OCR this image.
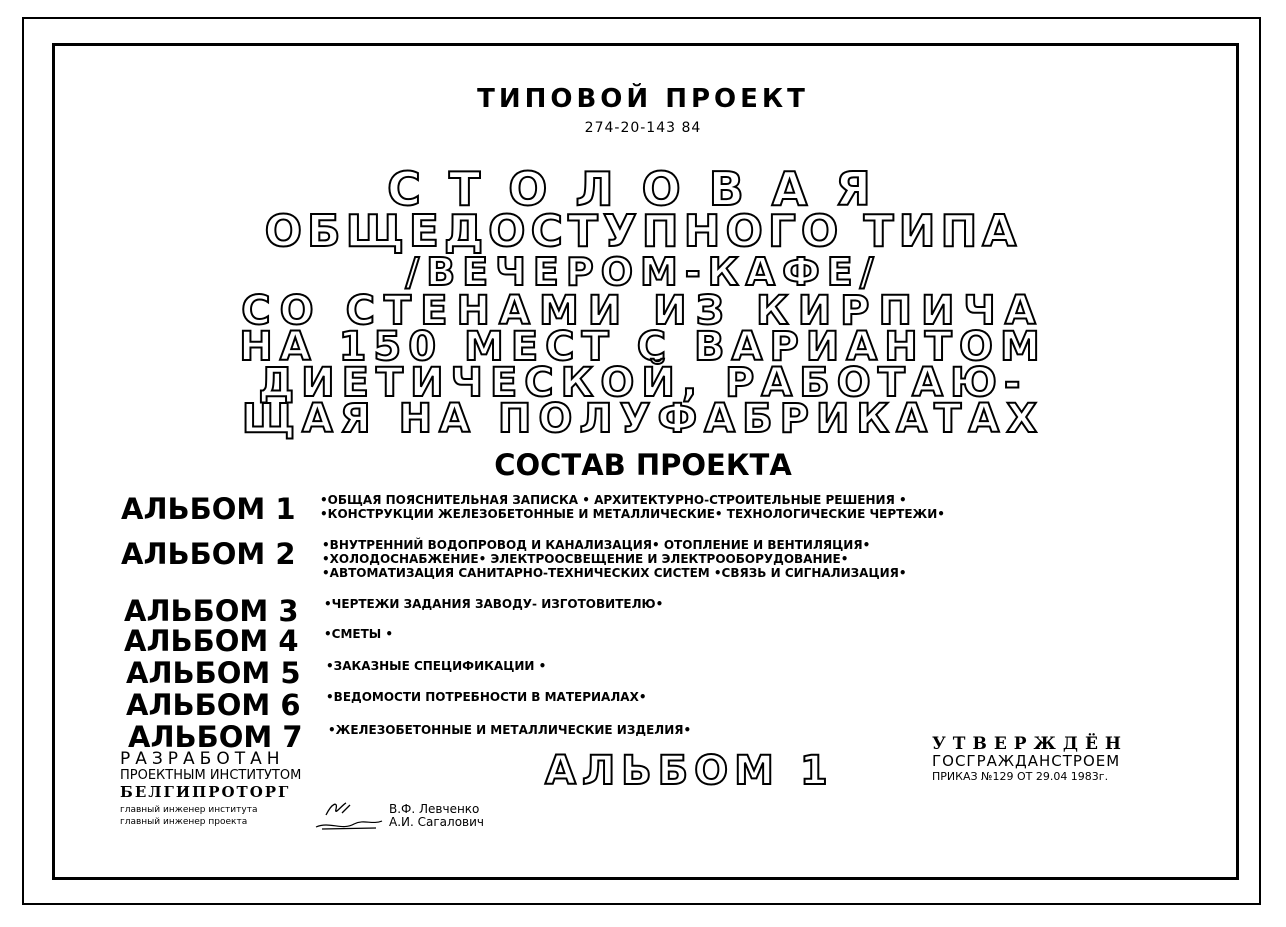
ТИПОВОЙ ПРОЕКТ
274-20-143 84
СТОЛОВАЯ
ОБЩЕДОСТУПНОГО ТИПА
/ВЕЧЕРОМ-КАФЕ/
СО СТЕНАМИ ИЗ КИРПИЧА
НА 150 МЕСТ С ВАРИАНТОМ
ДИЕТИЧЕСКОЙ, РАБОТАЮ-
ЩАЯ НА ПОЛУФАБРИКАТАХ
СОСТАВ ПРОЕКТА
АЛЬБОМ 1 •ОБЩАЯ ПОЯСНИТЕЛЬНАЯ ЗАПИСКА • АРХИТЕКТУРНО-СТРОИТЕЛЬНЫЕ РЕШЕНИЯ •
•КОНСТРУКЦИИ ЖЕЛЕЗОБЕТОННЫЕ И МЕТАЛЛИЧЕСКИЕ• ТЕХНОЛОГИЧЕСКИЕ ЧЕРТЕЖИ•
АЛЬБОМ 2 •ВНУТРЕННИЙ ВОДОПРОВОД И КАНАЛИЗАЦИЯ• ОТОПЛЕНИЕ И ВЕНТИЛЯЦИЯ•
•ХОЛОДОСНАБЖЕНИЕ• ЭЛЕКТРООСВЕЩЕНИЕ И ЭЛЕКТРООБОРУДОВАНИЕ•
•АВТОМАТИЗАЦИЯ САНИТАРНО-ТЕХНИЧЕСКИХ СИСТЕМ •СВЯЗЬ И СИГНАЛИЗАЦИЯ•
АЛЬБОМ 3 •ЧЕРТЕЖИ ЗАДАНИЯ ЗАВОДУ- ИЗГОТОВИТЕЛЮ•
АЛЬБОМ 4 •СМЕТЫ •
АЛЬБОМ 5 •ЗАКАЗНЫЕ СПЕЦИФИКАЦИИ •
АЛЬБОМ 6 •ВЕДОМОСТИ ПОТРЕБНОСТИ В МАТЕРИАЛАХ•
АЛЬБОМ 7 •ЖЕЛЕЗОБЕТОННЫЕ И МЕТАЛЛИЧЕСКИЕ ИЗДЕЛИЯ•
РАЗРАБОТАН
ПРОЕКТНЫМ ИНСТИТУТОМ
БЕЛГИПРОТОРГ
главный инженер института
главный инженер проекта
В.Ф. Левченко
А.И. Сагалович
АЛЬБОМ 1
УТВЕРЖДЁН
ГОСГРАЖДАНСТРОЕМ
ПРИКАЗ №129 ОТ 29.04 1983г.
